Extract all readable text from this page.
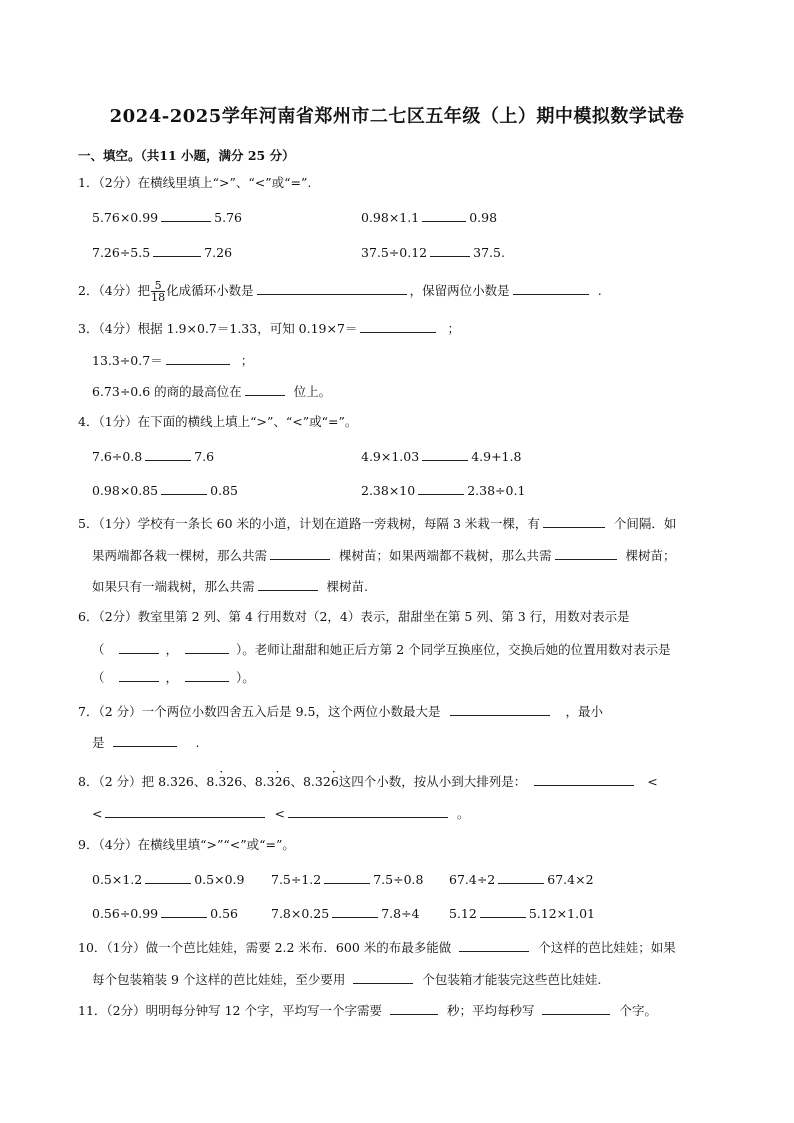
2024-2025学年河南省郑州市二七区五年级（上）期中模拟数学试卷
一、填空。（共11 小题，满分 25 分）
1．（2分）在横线里填上“>”、“<”或“=”.
5.76×0.99	5.76	0.98×1.1	0.98
7.26÷5.5	7.26	37.5÷0.12	37.5.
2．（4分）把 $\frac{5}{18}$ 化成循环小数是	，保留两位小数是	.
3．（4分）根据 1.9×0.7＝1.33，可知 0.19×7＝	；
13.3÷0.7＝	；
6.73÷0.6 的商的最高位在	位上。
4．（1分）在下面的横线上填上“>”、“<”或“=”。
7.6÷0.8	7.6	4.9×1.03	4.9+1.8
0.98×0.85	0.85	2.38×10	2.38÷0.1
5．（1分）学校有一条长 60 米的小道，计划在道路一旁栽树，每隔 3 米栽一棵，有	个间隔．如
果两端都各栽一棵树，那么共需	棵树苗；如果两端都不栽树，那么共需	棵树苗；
如果只有一端栽树，那么共需	棵树苗.
6．（2分）教室里第 2 列、第 4 行用数对（2，4）表示，甜甜坐在第 5 列、第 3 行，用数对表示是
（	，	）。老师让甜甜和她正后方第 2 个同学互换座位，交换后她的位置用数对表示是
（	，	）。
7．（2 分）一个两位小数四舍五入后是 9.5，这个两位小数最大是	，最小
是	.
8．（2 分）把 8.326、8.· 326、8.3· 26、8.32· 6这四个小数，按从小到大排列是：	<
<	<	。
9．（4分）在横线里填“>”“<”或“=”。
0.5×1.2	0.5×0.9 7.5÷1.2	7.5÷0.8 67.4÷2	67.4×2
0.56÷0.99	0.56	7.8×0.25	7.8÷4 5.12	5.12×1.01
10．（1分）做一个芭比娃娃，需要 2.2 米布．600 米的布最多能做	个这样的芭比娃娃；如果
每个包装箱装 9 个这样的芭比娃娃，至少要用	个包装箱才能装完这些芭比娃娃.
11．（2分）明明每分钟写 12 个字，平均写一个字需要	秒；平均每秒写	个字。
